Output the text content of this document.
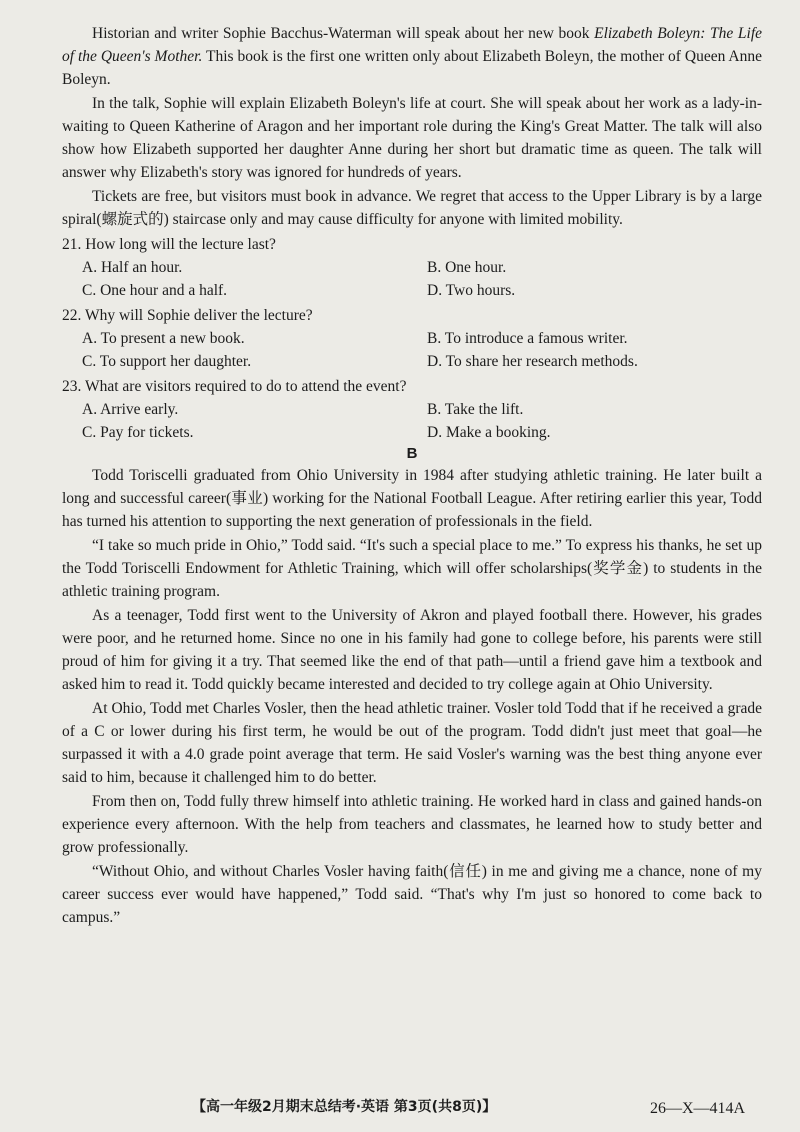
Historian and writer Sophie Bacchus-Waterman will speak about her new book Elizabeth Boleyn: The Life of the Queen's Mother. This book is the first one written only about Elizabeth Boleyn, the mother of Queen Anne Boleyn.

In the talk, Sophie will explain Elizabeth Boleyn's life at court. She will speak about her work as a lady-in-waiting to Queen Katherine of Aragon and her important role during the King's Great Matter. The talk will also show how Elizabeth supported her daughter Anne during her short but dramatic time as queen. The talk will answer why Elizabeth's story was ignored for hundreds of years.

Tickets are free, but visitors must book in advance. We regret that access to the Upper Library is by a large spiral(螺旋式的) staircase only and may cause difficulty for anyone with limited mobility.

21. How long will the lecture last?

A. Half an hour.	B. One hour.

C. One hour and a half.	D. Two hours.

22. Why will Sophie deliver the lecture?

A. To present a new book.	B. To introduce a famous writer.

C. To support her daughter.	D. To share her research methods.

23. What are visitors required to do to attend the event?

A. Arrive early.	B. Take the lift.

C. Pay for tickets.	D. Make a booking.

B

Todd Toriscelli graduated from Ohio University in 1984 after studying athletic training. He later built a long and successful career(事业) working for the National Football League. After retiring earlier this year, Todd has turned his attention to supporting the next generation of professionals in the field.

“I take so much pride in Ohio,” Todd said. “It's such a special place to me.” To express his thanks, he set up the Todd Toriscelli Endowment for Athletic Training, which will offer scholarships(奖学金) to students in the athletic training program.

As a teenager, Todd first went to the University of Akron and played football there. However, his grades were poor, and he returned home. Since no one in his family had gone to college before, his parents were still proud of him for giving it a try. That seemed like the end of that path—until a friend gave him a textbook and asked him to read it. Todd quickly became interested and decided to try college again at Ohio University.

At Ohio, Todd met Charles Vosler, then the head athletic trainer. Vosler told Todd that if he received a grade of a C or lower during his first term, he would be out of the program. Todd didn't just meet that goal—he surpassed it with a 4.0 grade point average that term. He said Vosler's warning was the best thing anyone ever said to him, because it challenged him to do better.

From then on, Todd fully threw himself into athletic training. He worked hard in class and gained hands-on experience every afternoon. With the help from teachers and classmates, he learned how to study better and grow professionally.

“Without Ohio, and without Charles Vosler having faith(信任) in me and giving me a chance, none of my career success ever would have happened,” Todd said. “That's why I'm just so honored to come back to campus.”

【高一年级2月期末总结考·英语 第3页(共8页)】	26—X—414A
